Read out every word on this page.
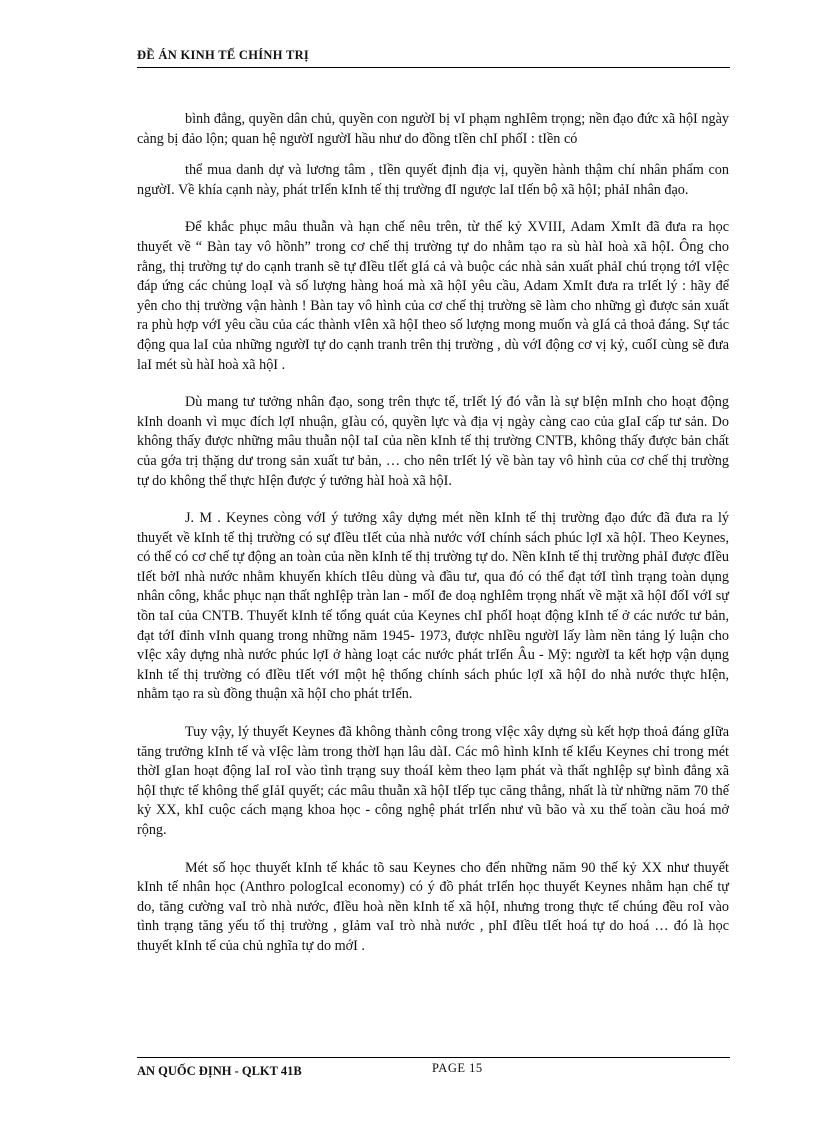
ĐỀ ÁN KINH TẾ CHÍNH TRỊ

bình đẳng, quyền dân chủ, quyền con ngườI bị vI phạm nghIêm trọng; nền đạo đức xã hộI ngày càng bị đảo lộn; quan hệ ngườI ngườI hầu như do đồng tIền chI phốI : tIền có

thể mua danh dự và lương tâm , tIền quyết định địa vị, quyền hành thậm chí nhân phẩm con ngườI. Về khía cạnh này, phát trIển kInh tế thị trường đI ngược laI tIến bộ xã hộI; phảI nhân đạo.

Để khắc phục mâu thuẫn và hạn chế nêu trên, từ thế kỷ XVIII, Adam XmIt đã đưa ra học thuyết về “ Bàn tay vô hồnh” trong cơ chế thị trường tự do nhằm tạo ra sù hàI hoà xã hộI. Ông cho rằng, thị trường tự do cạnh tranh sẽ tự đIều tIết gIá cả và buộc các nhà sản xuất phảI chú trọng tớI vIệc đáp ứng các chủng loạI và số lượng hàng hoá mà xã hộI yêu cầu, Adam XmIt đưa ra trIết lý : hãy để yên cho thị trường vận hành ! Bàn tay vô hình của cơ chế thị trường sẽ làm cho những gì được sản xuất ra phù hợp vớI yêu cầu của các thành vIên xã hộI theo số lượng mong muốn và gIá cả thoả đáng. Sự tác động qua laI của những ngườI tự do cạnh tranh trên thị trường , dù vớI động cơ vị kỷ, cuốI cùng sẽ đưa laI mét sù hàI hoà xã hộI .

Dù mang tư tưởng nhân đạo, song trên thực tế, trIết lý đó vẫn là sự bIện mInh cho hoạt động kInh doanh vì mục đích lợI nhuận, gIàu có, quyền lực và địa vị ngày càng cao của gIaI cấp tư sản. Do không thấy được những mâu thuẫn nộI taI của nền kInh tế thị trường CNTB, không thấy được bản chất của gớa trị thặng dư trong sản xuất tư bản, … cho nên trIết lý về bàn tay vô hình của cơ chế thị trường tự do không thể thực hIện được ý tưởng hàI hoà xã hộI.

J. M . Keynes còng vớI ý tưởng xây dựng mét nền kInh tế thị trường đạo đức đã đưa ra lý thuyết về kInh tế thị trường có sự đIều tIết của nhà nước vớI chính sách phúc lợI xã hộI. Theo Keynes, có thể có cơ chế tự động an toàn của nền kInh tế thị trường tự do. Nền kInh tế thị trường phảI được đIều tIết bởI nhà nước nhằm khuyến khích tIêu dùng và đầu tư, qua đó có thể đạt tớI tình trạng toàn dụng nhân công, khắc phục nạn thất nghIệp tràn lan - mốI đe doạ nghIêm trọng nhất về mặt xã hộI đốI vớI sự tồn taI của CNTB. Thuyết kInh tế tổng quát của Keynes chI phốI hoạt động kInh tế ở các nước tư bản, đạt tớI đỉnh vInh quang trong những năm 1945- 1973, được nhIều ngườI lấy làm nền tảng lý luận cho vIệc xây dựng nhà nước phúc lợI ở hàng loạt các nước phát trIển Âu - Mỹ: ngườI ta kết hợp vận dụng kInh tế thị trường có đIều tIết vớI một hệ thống chính sách phúc lợI xã hộI do nhà nước thực hIện, nhằm tạo ra sù đồng thuận xã hộI cho phát trIển.

Tuy vậy, lý thuyết Keynes đã không thành công trong vIệc xây dựng sù kết hợp thoả đáng gIữa tăng trưởng kInh tế và vIệc làm trong thờI hạn lâu dàI. Các mô hình kInh tế kIểu Keynes chỉ trong mét thờI gIan hoạt động laI roI vào tình trạng suy thoáI kèm theo lạm phát và thất nghIệp sự bình đẳng xã hộI thực tế không thể gIảI quyết; các mâu thuẫn xã hộI tIếp tục căng thẳng, nhất là từ những năm 70 thế kỷ XX, khI cuộc cách mạng khoa học - công nghệ phát trIển như vũ bão và xu thế toàn cầu hoá mở rộng.

Mét số học thuyết kInh tế khác tõ sau Keynes cho đến những năm 90 thế kỷ XX như thuyết kInh tế nhân học (Anthro pologIcal economy) có ý đồ phát trIển học thuyết Keynes nhằm hạn chế tự do, tăng cường vaI trò nhà nước, đIều hoà nền kInh tế xã hộI, nhưng trong thực tế chúng đều roI vào tình trạng tăng yếu tố thị trường , gIảm vaI trò nhà nước , phI đIều tIết hoá tự do hoá … đó là học thuyết kInh tế của chủ nghĩa tự do mớI .

AN QUỐC ĐỊNH - QLKT 41B	PAGE 15
